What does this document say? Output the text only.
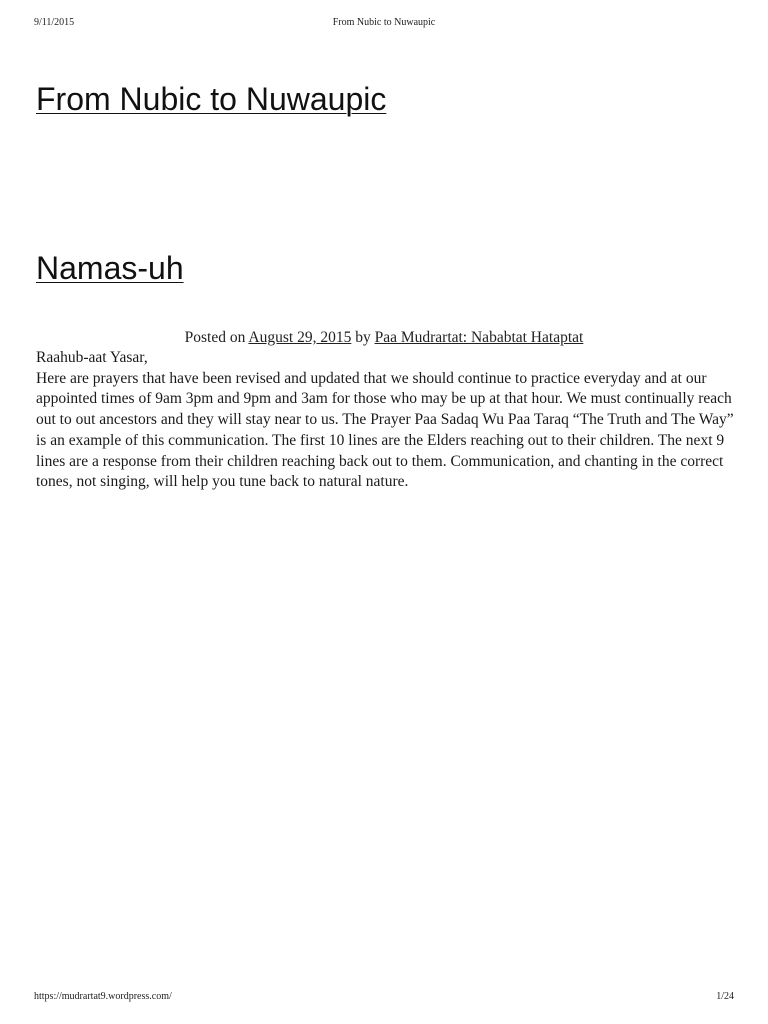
9/11/2015	From Nubic to Nuwaupic
From Nubic to Nuwaupic
Namas-uh
Posted on August 29, 2015 by Paa Mudrartat: Nababtat Hataptat

Raahub-aat Yasar,

Here are prayers that have been revised and updated that we should continue to practice everyday and at our appointed times of 9am 3pm and 9pm and 3am for those who may be up at that hour. We must continually reach out to out ancestors and they will stay near to us. The Prayer Paa Sadaq Wu Paa Taraq “The Truth and The Way” is an example of this communication. The first 10 lines are the Elders reaching out to their children. The next 9 lines are a response from their children reaching back out to them. Communication, and chanting in the correct tones, not singing, will help you tune back to natural nature.

https://mudrartat9.wordpress.com/	1/24
